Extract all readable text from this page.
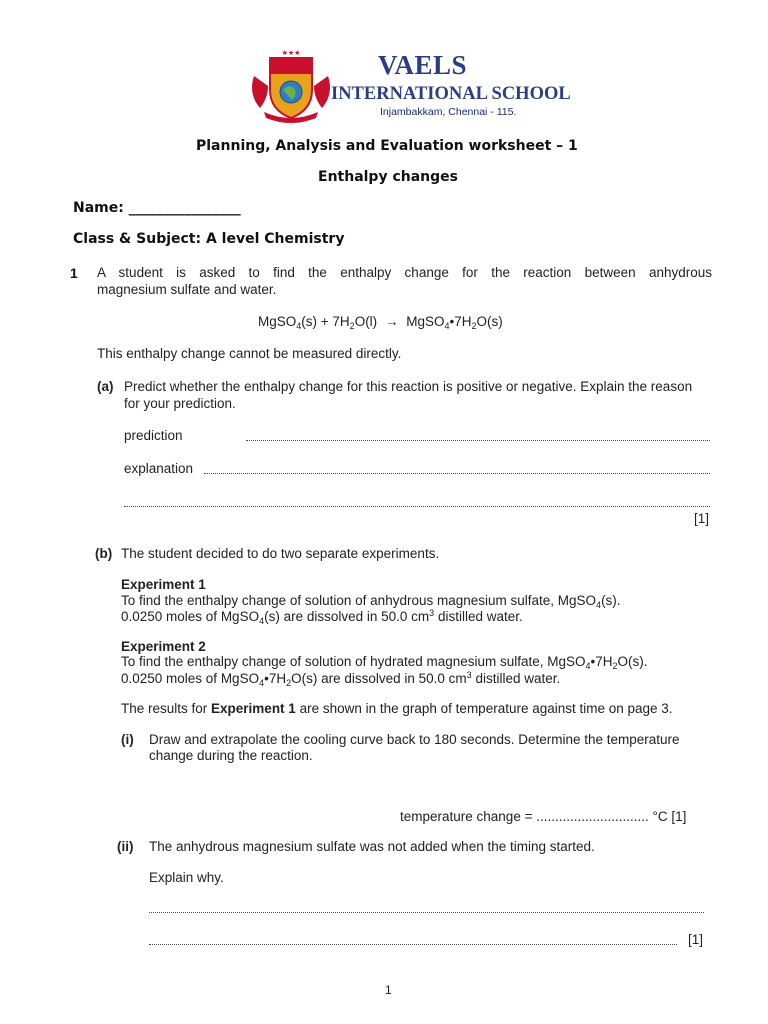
★★★	VAELS
INTERNATIONAL SCHOOL
Injambakkam, Chennai - 115.
Planning, Analysis and Evaluation worksheet – 1
Enthalpy changes
Name: ________________
Class & Subject: A level Chemistry
1 A student is asked to find the enthalpy change for the reaction between anhydrous
magnesium sulfate and water.
MgSO$_4$(s) + $7H_2O(l)$ → $MgSO_4•7H_2O(s)$
This enthalpy change cannot be measured directly.
(a) Predict whether the enthalpy change for this reaction is positive or negative. Explain the reason
for your prediction.
prediction
explanation
[1]
(b) The student decided to do two separate experiments.
Experiment 1
To find the enthalpy change of solution of anhydrous magnesium sulfate, MgSO$_4$(s).
0.0250 moles of MgSO$_4$(s) are dissolved in 50.0 $cm^3$ distilled water.
Experiment 2
To find the enthalpy change of solution of hydrated magnesium sulfate, $MgSO_4•7H_2O(s)$.
0.0250 moles of $MgSO_4•7H_2O(s)$ are dissolved in 50.0 $cm^3$ distilled water.
The results for Experiment 1 are shown in the graph of temperature against time on page 3.
(i) Draw and extrapolate the cooling curve back to 180 seconds. Determine the temperature
change during the reaction.
temperature change = .............................. °C [1]
(ii) The anhydrous magnesium sulfate was not added when the timing started.
Explain why.
[1]
1
